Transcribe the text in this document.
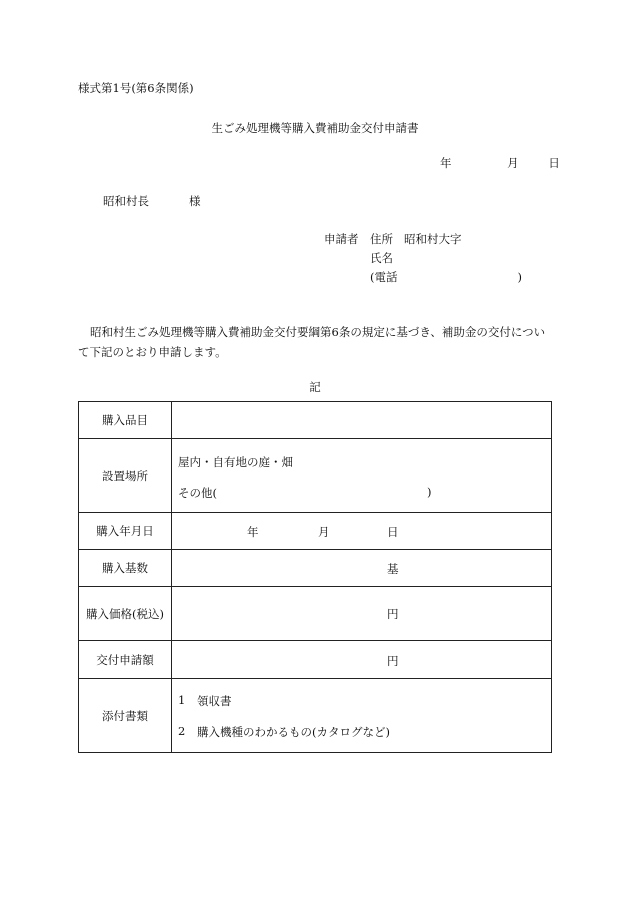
様式第1号(第6条関係)
生ごみ処理機等購入費補助金交付申請書
年	月	日
昭和村長	様
申請者 住所 昭和村大字
氏名
(電話	)
昭和村生ごみ処理機等購入費補助金交付要綱第6条の規定に基づき、補助金の交付について下記のとおり申請します。
記
購入品目	
設置場所	屋内・自有地の庭・畑
その他( )

購入年月日	年 月 日

購入基数	基

購入価格(税込)	円

交付申請額	円

添付書類	1 領収書
2 購入機種のわかるもの(カタログなど)
